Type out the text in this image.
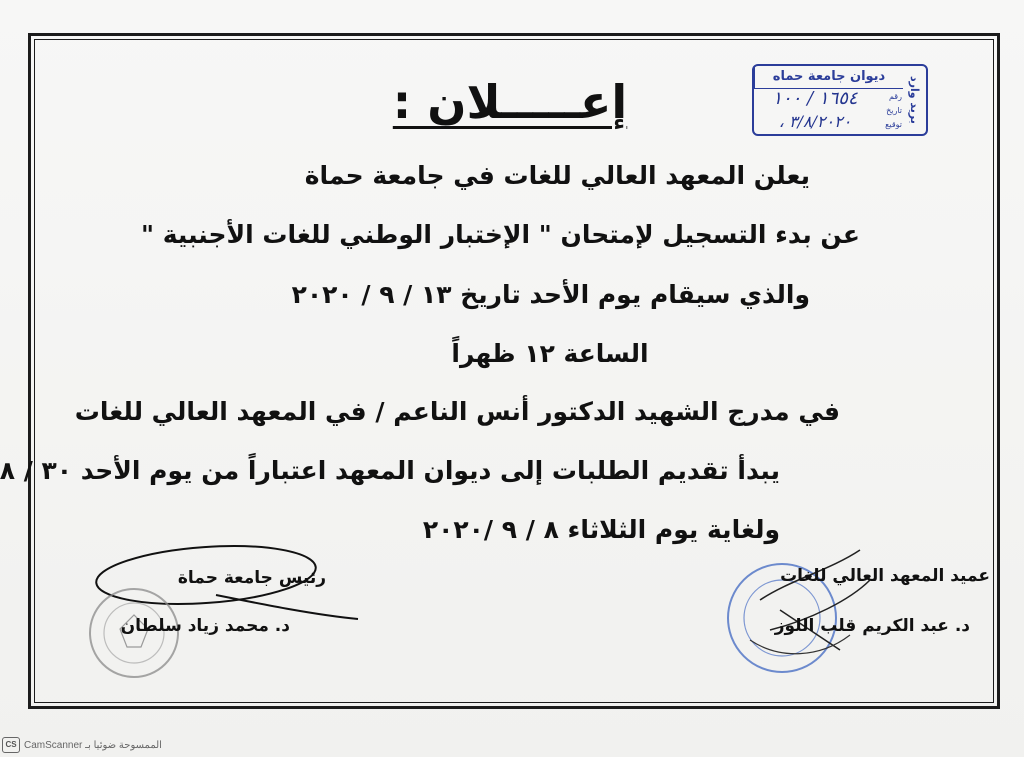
ديوان جامعة حماه	بريد وارد
رقم
تاريخ
توقيع
١٦٥٤ / ١٠٠
٣/٨/٢٠٢٠ ،
إعـــــلان :
يعلن المعهد العالي للغات في جامعة حماة
عن بدء التسجيل لإمتحان " الإختبار الوطني للغات الأجنبية "
والذي سيقام يوم الأحد تاريخ ١٣ / ٩ / ٢٠٢٠
الساعة ١٢ ظهراً
في مدرج الشهيد الدكتور أنس الناعم / في المعهد العالي للغات
يبدأ تقديم الطلبات إلى ديوان المعهد اعتباراً من يوم الأحد ٣٠ / ٨
ولغاية يوم الثلاثاء ٨ / ٩ /٢٠٢٠
عميد المعهد العالي للغات
د. عبد الكريم قلب اللوز
رئيس جامعة حماة
د. محمد زياد سلطان
CS الممسوحة ضوئيا بـ CamScanner
